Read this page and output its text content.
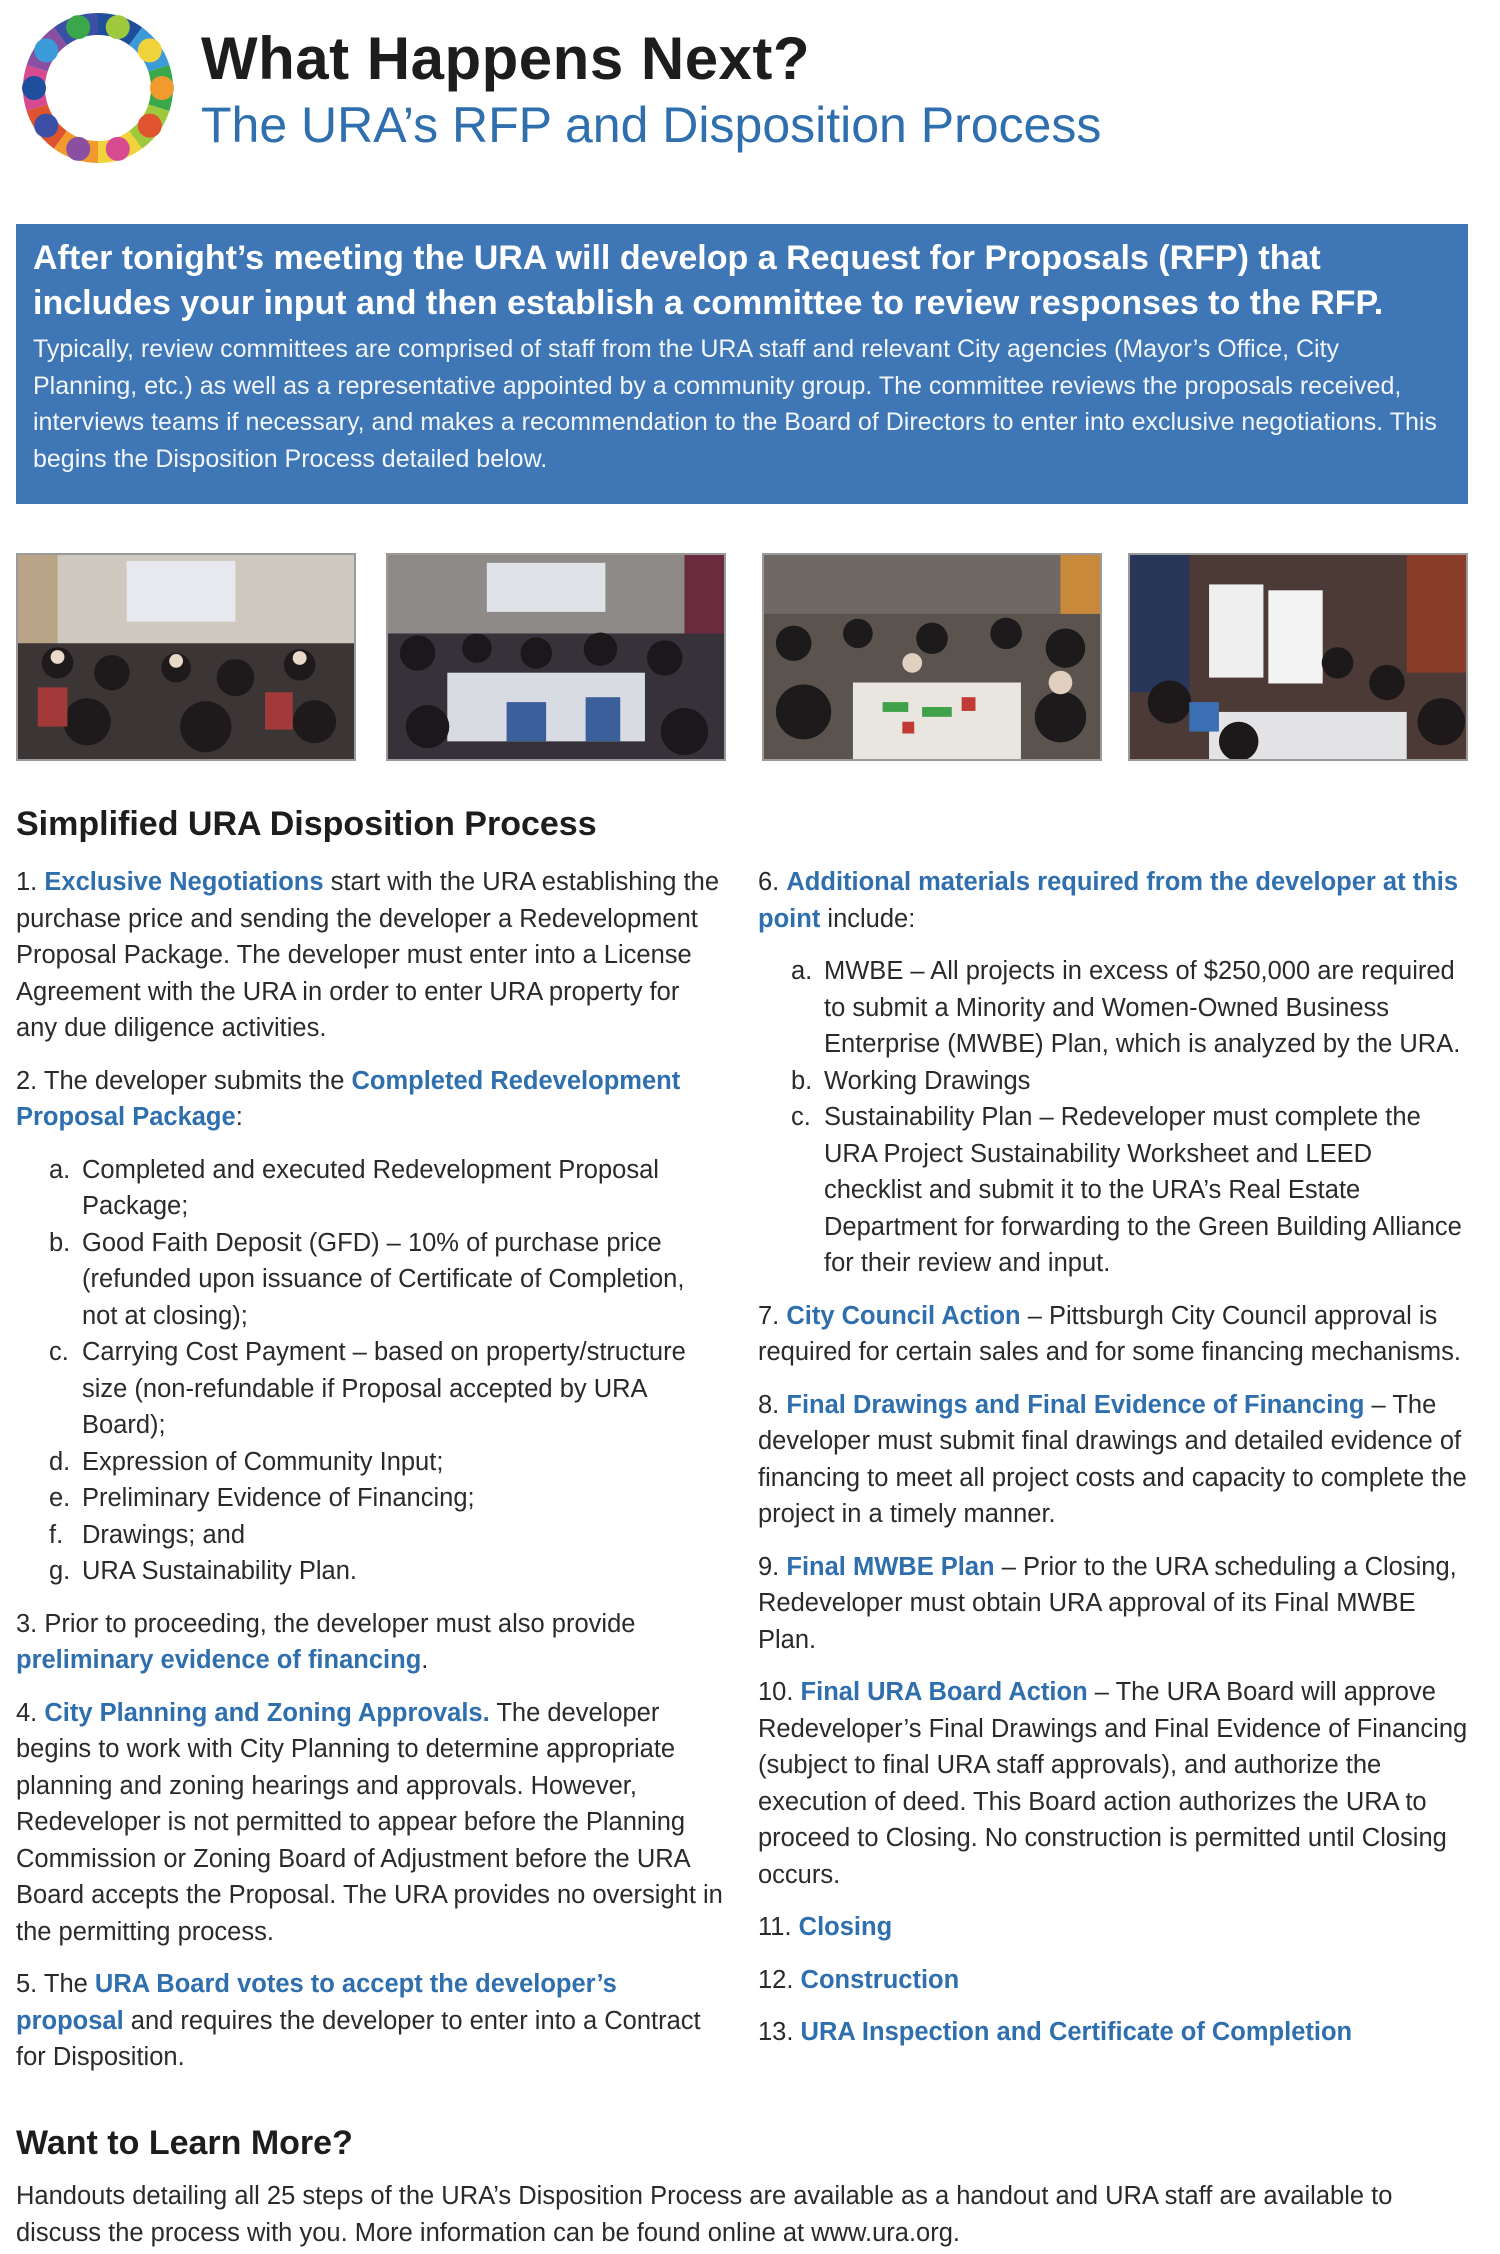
What Happens Next?
The URA’s RFP and Disposition Process
After tonight’s meeting the URA will develop a Request for Proposals (RFP) that includes your input and then establish a committee to review responses to the RFP.
Typically, review committees are comprised of staff from the URA staff and relevant City agencies (Mayor’s Office, City Planning, etc.) as well as a representative appointed by a community group. The committee reviews the proposals received, interviews teams if necessary, and makes a recommendation to the Board of Directors to enter into exclusive negotiations. This begins the Disposition Process detailed below.
Simplified URA Disposition Process
1. Exclusive Negotiations start with the URA establishing the purchase price and sending the developer a Redevelopment Proposal Package. The developer must enter into a License Agreement with the URA in order to enter URA property for any due diligence activities.
2. The developer submits the Completed Redevelopment Proposal Package:
a. Completed and executed Redevelopment Proposal Package;
b. Good Faith Deposit (GFD) – 10% of purchase price (refunded upon issuance of Certificate of Completion, not at closing);
c. Carrying Cost Payment – based on property/structure size (non-refundable if Proposal accepted by URA Board);
d. Expression of Community Input;
e. Preliminary Evidence of Financing;
f. Drawings; and
g. URA Sustainability Plan.
3. Prior to proceeding, the developer must also provide preliminary evidence of financing.
4. City Planning and Zoning Approvals. The developer begins to work with City Planning to determine appropriate planning and zoning hearings and approvals. However, Redeveloper is not permitted to appear before the Planning Commission or Zoning Board of Adjustment before the URA Board accepts the Proposal. The URA provides no oversight in the permitting process.
5. The URA Board votes to accept the developer’s proposal and requires the developer to enter into a Contract for Disposition.
6. Additional materials required from the developer at this point include:
a. MWBE – All projects in excess of $250,000 are required to submit a Minority and Women-Owned Business Enterprise (MWBE) Plan, which is analyzed by the URA.
b. Working Drawings
c. Sustainability Plan – Redeveloper must complete the URA Project Sustainability Worksheet and LEED checklist and submit it to the URA’s Real Estate Department for forwarding to the Green Building Alliance for their review and input.
7. City Council Action – Pittsburgh City Council approval is required for certain sales and for some financing mechanisms.
8. Final Drawings and Final Evidence of Financing – The developer must submit final drawings and detailed evidence of financing to meet all project costs and capacity to complete the project in a timely manner.
9. Final MWBE Plan – Prior to the URA scheduling a Closing, Redeveloper must obtain URA approval of its Final MWBE Plan.
10. Final URA Board Action – The URA Board will approve Redeveloper’s Final Drawings and Final Evidence of Financing (subject to final URA staff approvals), and authorize the execution of deed. This Board action authorizes the URA to proceed to Closing. No construction is permitted until Closing occurs.
11. Closing
12. Construction
13. URA Inspection and Certificate of Completion
Want to Learn More?
Handouts detailing all 25 steps of the URA’s Disposition Process are available as a handout and URA staff are available to discuss the process with you. More information can be found online at www.ura.org.
